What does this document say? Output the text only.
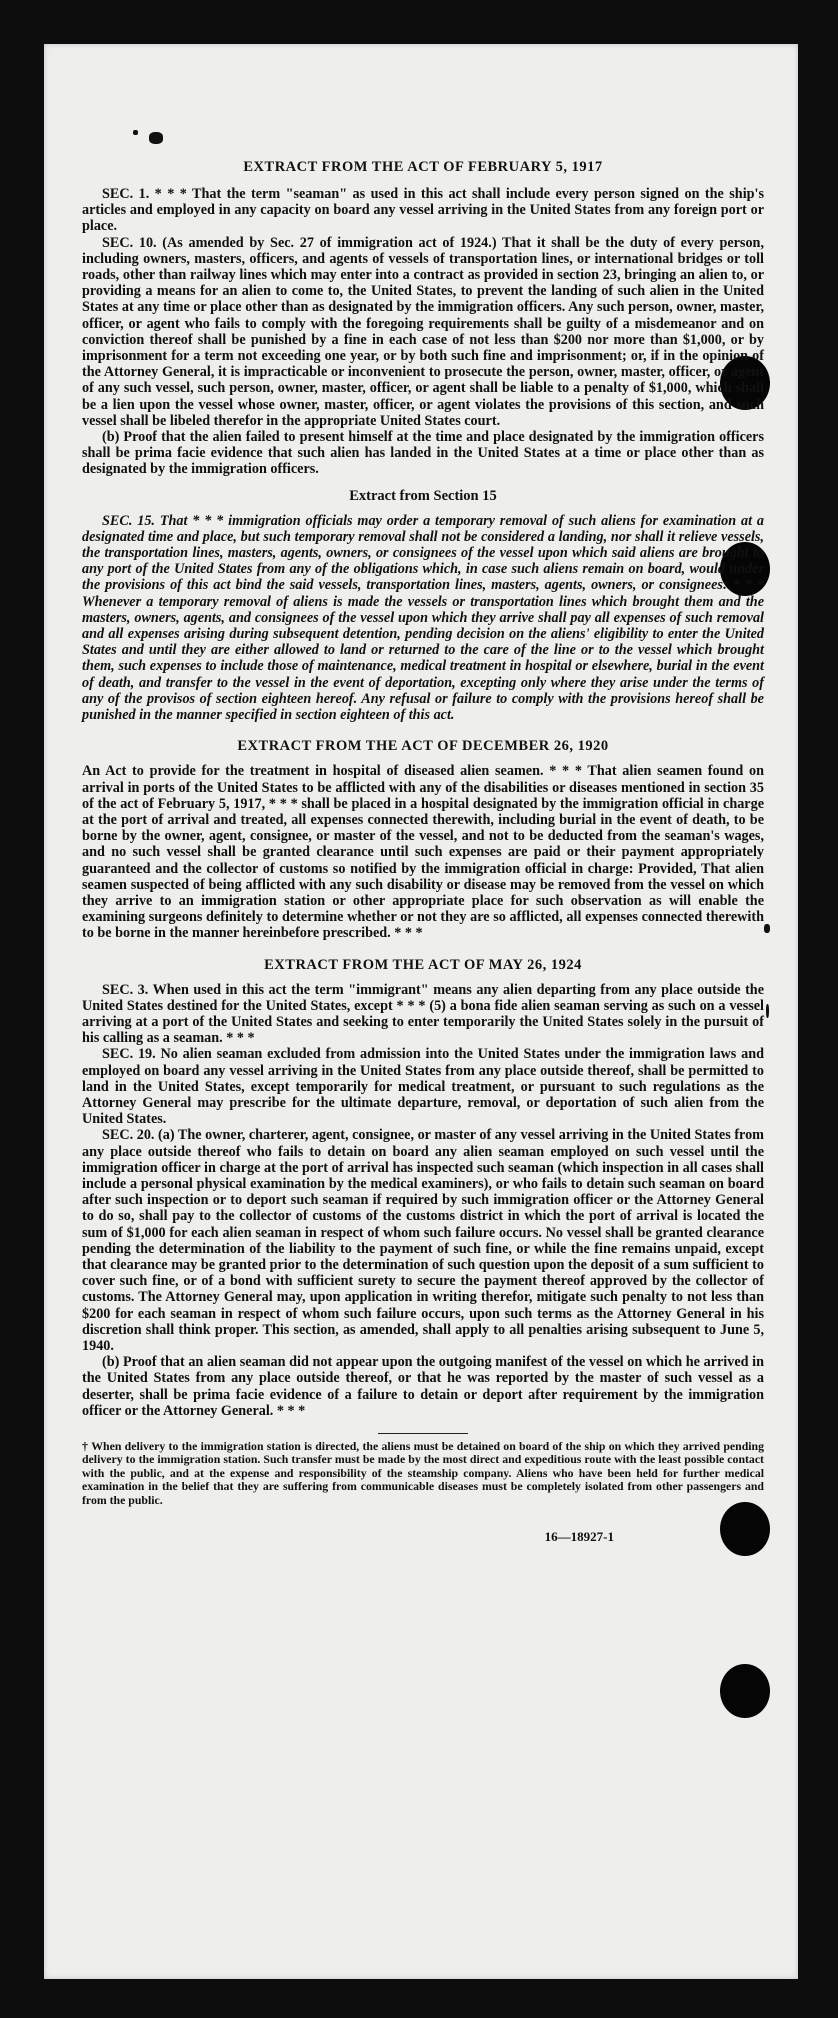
EXTRACT FROM THE ACT OF FEBRUARY 5, 1917

SEC. 1. * * * That the term "seaman" as used in this act shall include every person signed on the ship's articles and employed in any capacity on board any vessel arriving in the United States from any foreign port or place.

SEC. 10. (As amended by Sec. 27 of immigration act of 1924.) That it shall be the duty of every person, including owners, masters, officers, and agents of vessels of transportation lines, or international bridges or toll roads, other than railway lines which may enter into a contract as provided in section 23, bringing an alien to, or providing a means for an alien to come to, the United States, to prevent the landing of such alien in the United States at any time or place other than as designated by the immigration officers. Any such person, owner, master, officer, or agent who fails to comply with the foregoing requirements shall be guilty of a misdemeanor and on conviction thereof shall be punished by a fine in each case of not less than $200 nor more than $1,000, or by imprisonment for a term not exceeding one year, or by both such fine and imprisonment; or, if in the opinion of the Attorney General, it is impracticable or inconvenient to prosecute the person, owner, master, officer, or agent of any such vessel, such person, owner, master, officer, or agent shall be liable to a penalty of $1,000, which shall be a lien upon the vessel whose owner, master, officer, or agent violates the provisions of this section, and such vessel shall be libeled therefor in the appropriate United States court.

(b) Proof that the alien failed to present himself at the time and place designated by the immigration officers shall be prima facie evidence that such alien has landed in the United States at a time or place other than as designated by the immigration officers.

Extract from Section 15

SEC. 15. That * * * immigration officials may order a temporary removal of such aliens for examination at a designated time and place, but such temporary removal shall not be considered a landing, nor shall it relieve vessels, the transportation lines, masters, agents, owners, or consignees of the vessel upon which said aliens are brought to any port of the United States from any of the obligations which, in case such aliens remain on board, would under the provisions of this act bind the said vessels, transportation lines, masters, agents, owners, or consignees: * * * Whenever a temporary removal of aliens is made the vessels or transportation lines which brought them and the masters, owners, agents, and consignees of the vessel upon which they arrive shall pay all expenses of such removal and all expenses arising during subsequent detention, pending decision on the aliens' eligibility to enter the United States and until they are either allowed to land or returned to the care of the line or to the vessel which brought them, such expenses to include those of maintenance, medical treatment in hospital or elsewhere, burial in the event of death, and transfer to the vessel in the event of deportation, excepting only where they arise under the terms of any of the provisos of section eighteen hereof. Any refusal or failure to comply with the provisions hereof shall be punished in the manner specified in section eighteen of this act.

EXTRACT FROM THE ACT OF DECEMBER 26, 1920

An Act to provide for the treatment in hospital of diseased alien seamen. * * * That alien seamen found on arrival in ports of the United States to be afflicted with any of the disabilities or diseases mentioned in section 35 of the act of February 5, 1917, * * * shall be placed in a hospital designated by the immigration official in charge at the port of arrival and treated, all expenses connected therewith, including burial in the event of death, to be borne by the owner, agent, consignee, or master of the vessel, and not to be deducted from the seaman's wages, and no such vessel shall be granted clearance until such expenses are paid or their payment appropriately guaranteed and the collector of customs so notified by the immigration official in charge: Provided, That alien seamen suspected of being afflicted with any such disability or disease may be removed from the vessel on which they arrive to an immigration station or other appropriate place for such observation as will enable the examining surgeons definitely to determine whether or not they are so afflicted, all expenses connected therewith to be borne in the manner hereinbefore prescribed. * * *

EXTRACT FROM THE ACT OF MAY 26, 1924

SEC. 3. When used in this act the term "immigrant" means any alien departing from any place outside the United States destined for the United States, except * * * (5) a bona fide alien seaman serving as such on a vessel arriving at a port of the United States and seeking to enter temporarily the United States solely in the pursuit of his calling as a seaman. * * *

SEC. 19. No alien seaman excluded from admission into the United States under the immigration laws and employed on board any vessel arriving in the United States from any place outside thereof, shall be permitted to land in the United States, except temporarily for medical treatment, or pursuant to such regulations as the Attorney General may prescribe for the ultimate departure, removal, or deportation of such alien from the United States.

SEC. 20. (a) The owner, charterer, agent, consignee, or master of any vessel arriving in the United States from any place outside thereof who fails to detain on board any alien seaman employed on such vessel until the immigration officer in charge at the port of arrival has inspected such seaman (which inspection in all cases shall include a personal physical examination by the medical examiners), or who fails to detain such seaman on board after such inspection or to deport such seaman if required by such immigration officer or the Attorney General to do so, shall pay to the collector of customs of the customs district in which the port of arrival is located the sum of $1,000 for each alien seaman in respect of whom such failure occurs. No vessel shall be granted clearance pending the determination of the liability to the payment of such fine, or while the fine remains unpaid, except that clearance may be granted prior to the determination of such question upon the deposit of a sum sufficient to cover such fine, or of a bond with sufficient surety to secure the payment thereof approved by the collector of customs. The Attorney General may, upon application in writing therefor, mitigate such penalty to not less than $200 for each seaman in respect of whom such failure occurs, upon such terms as the Attorney General in his discretion shall think proper. This section, as amended, shall apply to all penalties arising subsequent to June 5, 1940.

(b) Proof that an alien seaman did not appear upon the outgoing manifest of the vessel on which he arrived in the United States from any place outside thereof, or that he was reported by the master of such vessel as a deserter, shall be prima facie evidence of a failure to detain or deport after requirement by the immigration officer or the Attorney General. * * *

† When delivery to the immigration station is directed, the aliens must be detained on board of the ship on which they arrived pending delivery to the immigration station. Such transfer must be made by the most direct and expeditious route with the least possible contact with the public, and at the expense and responsibility of the steamship company. Aliens who have been held for further medical examination in the belief that they are suffering from communicable diseases must be completely isolated from other passengers and from the public.

16—18927-1
